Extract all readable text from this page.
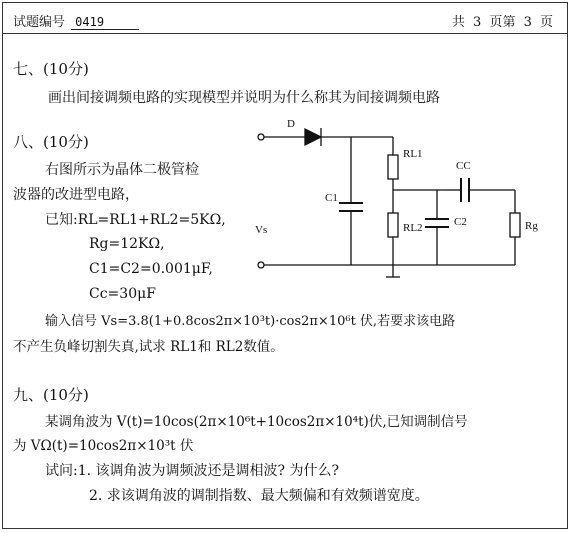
试题编号 0419	共 3 页第 3 页
七、(10分)
画出间接调频电路的实现模型并说明为什么称其为间接调频电路
八、(10分)
右图所示为晶体二极管检
波器的改进型电路，
已知:RL=RL1+RL2=5KΩ,
Rg=12KΩ,
C1=C2=0.001μF,
Cc=30μF
输入信号 Vs=3.8(1+0.8cos2π×10³t)·cos2π×10⁶t 伏,若要求该电路
不产生负峰切割失真,试求 RL1和 RL2数值。
D
RL1
RL2
C1
C2
CC
Rg
Vs
九、(10分)
某调角波为 V(t)=10cos(2π×10⁶t+10cos2π×10⁴t)伏,已知调制信号
为 VΩ(t)=10cos2π×10³t 伏
试问:1. 该调角波为调频波还是调相波? 为什么?
2. 求该调角波的调制指数、最大频偏和有效频谱宽度。
